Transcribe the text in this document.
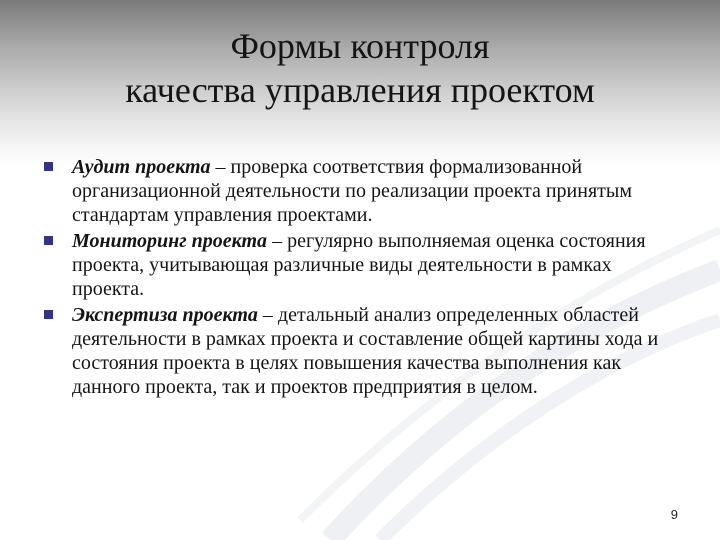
Формы контроля
качества управления проектом
Аудит проекта – проверка соответствия формализованной организационной деятельности по реализации проекта принятым стандартам управления проектами.
Мониторинг проекта – регулярно выполняемая оценка состояния проекта, учитывающая различные виды деятельности в рамках проекта.
Экспертиза проекта – детальный анализ определенных областей деятельности в рамках проекта и составление общей картины хода и состояния проекта в целях повышения качества выполнения как данного проекта, так и проектов предприятия в целом.
9
